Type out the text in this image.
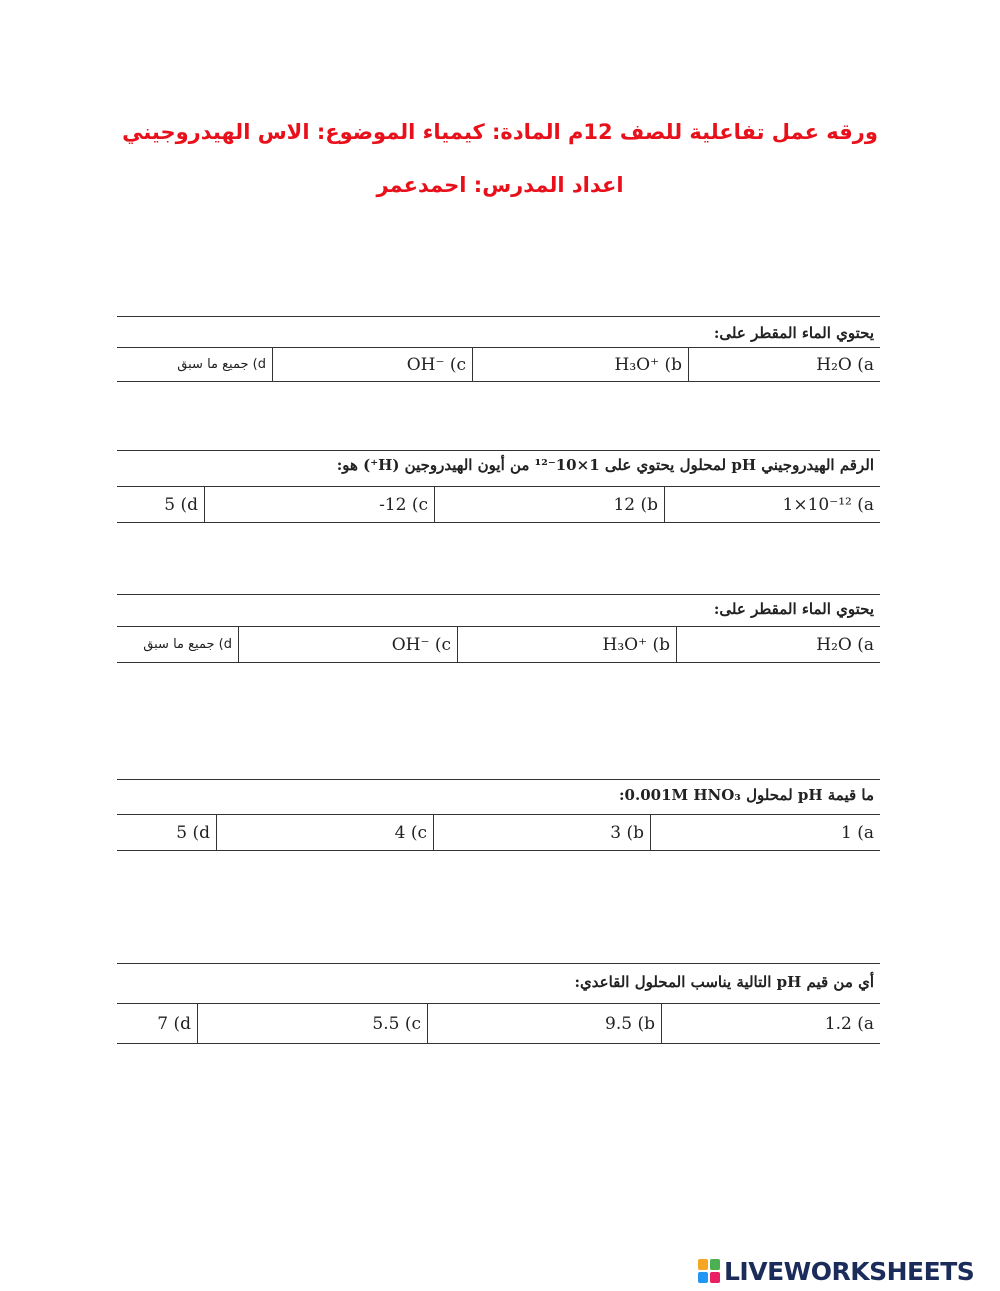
ورقه عمل تفاعلية للصف 12م المادة: كيمياء الموضوع: الاس الهيدروجيني
اعداد المدرس: احمدعمر
يحتوي الماء المقطر على:
جميع ما سبق (d	OH⁻ (c	H₃O⁺ (b	H₂O (a
الرقم الهيدروجيني pH لمحلول يحتوي على 1×10⁻¹² من أيون الهيدروجين (H⁺) هو:
5 (d	-12 (c	12 (b	1×10⁻¹² (a
يحتوي الماء المقطر على:
جميع ما سبق (d	OH⁻ (c	H₃O⁺ (b	H₂O (a
ما قيمة pH لمحلول 0.001M HNO₃:
5 (d	4 (c	3 (b	1 (a
أي من قيم pH التالية يناسب المحلول القاعدي:
7 (d	5.5 (c	9.5 (b	1.2 (a
LIVEWORKSHEETS
